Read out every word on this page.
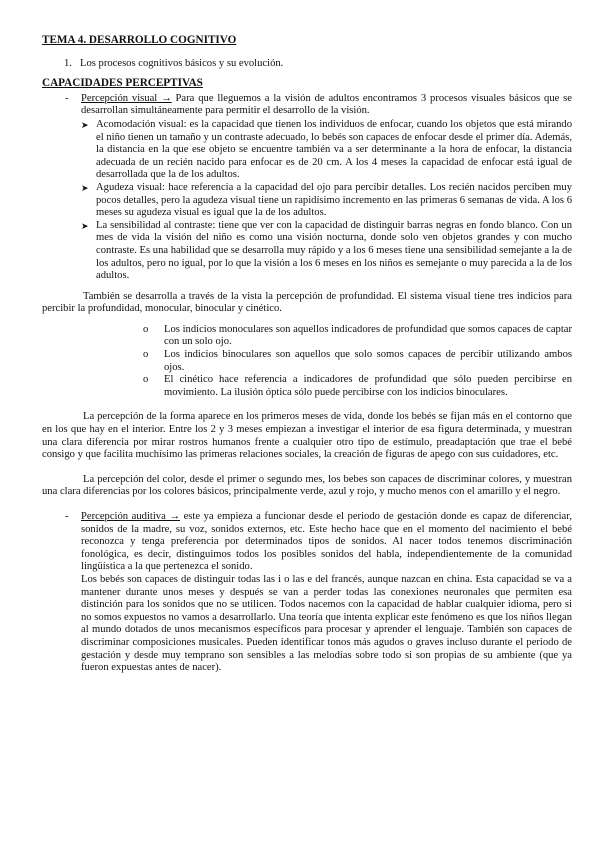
TEMA 4. DESARROLLO COGNITIVO
1. Los procesos cognitivos básicos y su evolución.
CAPACIDADES PERCEPTIVAS
- Percepción visual → Para que lleguemos a la visión de adultos encontramos 3 procesos visuales básicos que se desarrollan simultáneamente para permitir el desarrollo de la visión.
➤ Acomodación visual: es la capacidad que tienen los individuos de enfocar, cuando los objetos que está mirando el niño tienen un tamaño y un contraste adecuado, lo bebés son capaces de enfocar desde el primer día. Además, la distancia en la que ese objeto se encuentre también va a ser determinante a la hora de enfocar, la distancia adecuada de un recién nacido para enfocar es de 20 cm. A los 4 meses la capacidad de enfocar está igual de desarrollada que la de los adultos.
➤ Agudeza visual: hace referencia a la capacidad del ojo para percibir detalles. Los recién nacidos perciben muy pocos detalles, pero la agudeza visual tiene un rapidísimo incremento en las primeras 6 semanas de vida. A los 6 meses su agudeza visual es igual que la de los adultos.
➤ La sensibilidad al contraste: tiene que ver con la capacidad de distinguir barras negras en fondo blanco. Con un mes de vida la visión del niño es como una visión nocturna, donde solo ven objetos grandes y con mucho contraste. Es una habilidad que se desarrolla muy rápido y a los 6 meses tiene una sensibilidad semejante a la de los adultos, pero no igual, por lo que la visión a los 6 meses en los niños es semejante o muy parecida a la de los adultos.
También se desarrolla a través de la vista la percepción de profundidad. El sistema visual tiene tres indicios para percibir la profundidad, monocular, binocular y cinético.
o Los indicios monoculares son aquellos indicadores de profundidad que somos capaces de captar con un solo ojo.
o Los indicios binoculares son aquellos que solo somos capaces de percibir utilizando ambos ojos.
o El cinético hace referencia a indicadores de profundidad que sólo pueden percibirse en movimiento. La ilusión óptica sólo puede percibirse con los indicios binoculares.
La percepción de la forma aparece en los primeros meses de vida, donde los bebés se fijan más en el contorno que en los que hay en el interior. Entre los 2 y 3 meses empiezan a investigar el interior de esa figura determinada, y muestran una clara diferencia por mirar rostros humanos frente a cualquier otro tipo de estímulo, preadaptación que trae el bebé consigo y que facilita muchísimo las primeras relaciones sociales, la creación de figuras de apego con sus cuidadores, etc.
La percepción del color, desde el primer o segundo mes, los bebes son capaces de discriminar colores, y muestran una clara diferencias por los colores básicos, principalmente verde, azul y rojo, y mucho menos con el amarillo y el negro.
- Percepción auditiva → este ya empieza a funcionar desde el periodo de gestación donde es capaz de diferenciar, sonidos de la madre, su voz, sonidos externos, etc. Este hecho hace que en el momento del nacimiento el bebé reconozca y tenga preferencia por determinados tipos de sonidos. Al nacer todos tenemos discriminación fonológica, es decir, distinguimos todos los posibles sonidos del habla, independientemente de la comunidad lingüística a la que pertenezca el sonido.
Los bebés son capaces de distinguir todas las i o las e del francés, aunque nazcan en china. Esta capacidad se va a mantener durante unos meses y después se van a perder todas las conexiones neuronales que permiten esa distinción para los sonidos que no se utilicen. Todos nacemos con la capacidad de hablar cualquier idioma, pero si no somos expuestos no vamos a desarrollarlo. Una teoría que intenta explicar este fenómeno es que los niños llegan al mundo dotados de unos mecanismos específicos para procesar y aprender el lenguaje. También son capaces de discriminar composiciones musicales. Pueden identificar tonos más agudos o graves incluso durante el periodo de gestación y desde muy temprano son sensibles a las melodías sobre todo si son propias de su ambiente (que ya fueron expuestas antes de nacer).
